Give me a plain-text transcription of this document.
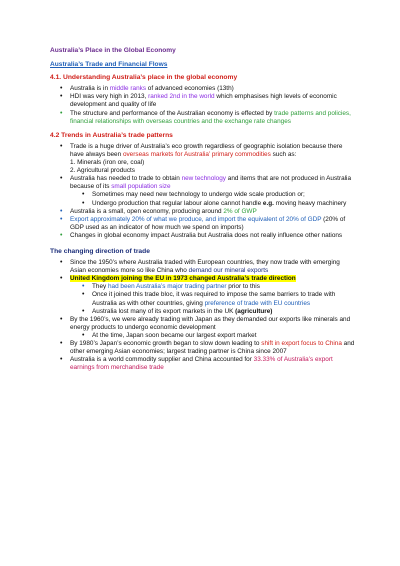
Australia’s Place in the Global Economy
Australia’s Trade and Financial Flows
4.1. Understanding Australia’s place in the global economy
• Australia is in middle ranks of advanced economies (13th)
• HDI was very high in 2013, ranked 2nd in the world which emphasises high levels of economic development and quality of life
• The structure and performance of the Australian economy is effected by trade patterns and policies, financial relationships with overseas countries and the exchange rate changes
4.2 Trends in Australia’s trade patterns
• Trade is a huge driver of Australia’s eco growth regardless of geographic isolation because there have always been overseas markets for Australia’ primary commodities such as:
1. Minerals (iron ore, coal)
2. Agricultural products
• Australia has needed to trade to obtain new technology and items that are not produced in Australia because of its small population size
• Sometimes may need new technology to undergo wide scale production or;
• Undergo production that regular labour alone cannot handle e.g. moving heavy machinery
• Australia is a small, open economy, producing around 2% of GWP
• Export approximately 20% of what we produce, and import the equivalent of 20% of GDP (20% of GDP used as an indicator of how much we spend on imports)
• Changes in global economy impact Australia but Australia does not really influence other nations
The changing direction of trade
• Since the 1950’s where Australia traded with European countries, they now trade with emerging Asian economies more so like China who demand our mineral exports
• United Kingdom joining the EU in 1973 changed Australia’s trade direction
• They had been Australia’s major trading partner prior to this
• Once it joined this trade bloc, it was required to impose the same barriers to trade with Australia as with other countries, giving preference of trade with EU countries
• Australia lost many of its export markets in the UK (agriculture)
• By the 1960’s, we were already trading with Japan as they demanded our exports like minerals and energy products to undergo economic development
• At the time, Japan soon became our largest export market
• By 1980’s Japan’s economic growth began to slow down leading to shift in export focus to China and other emerging Asian economies; largest trading partner is China since 2007
• Australia is a world commodity supplier and China accounted for 33.33% of Australia’s export earnings from merchandise trade
